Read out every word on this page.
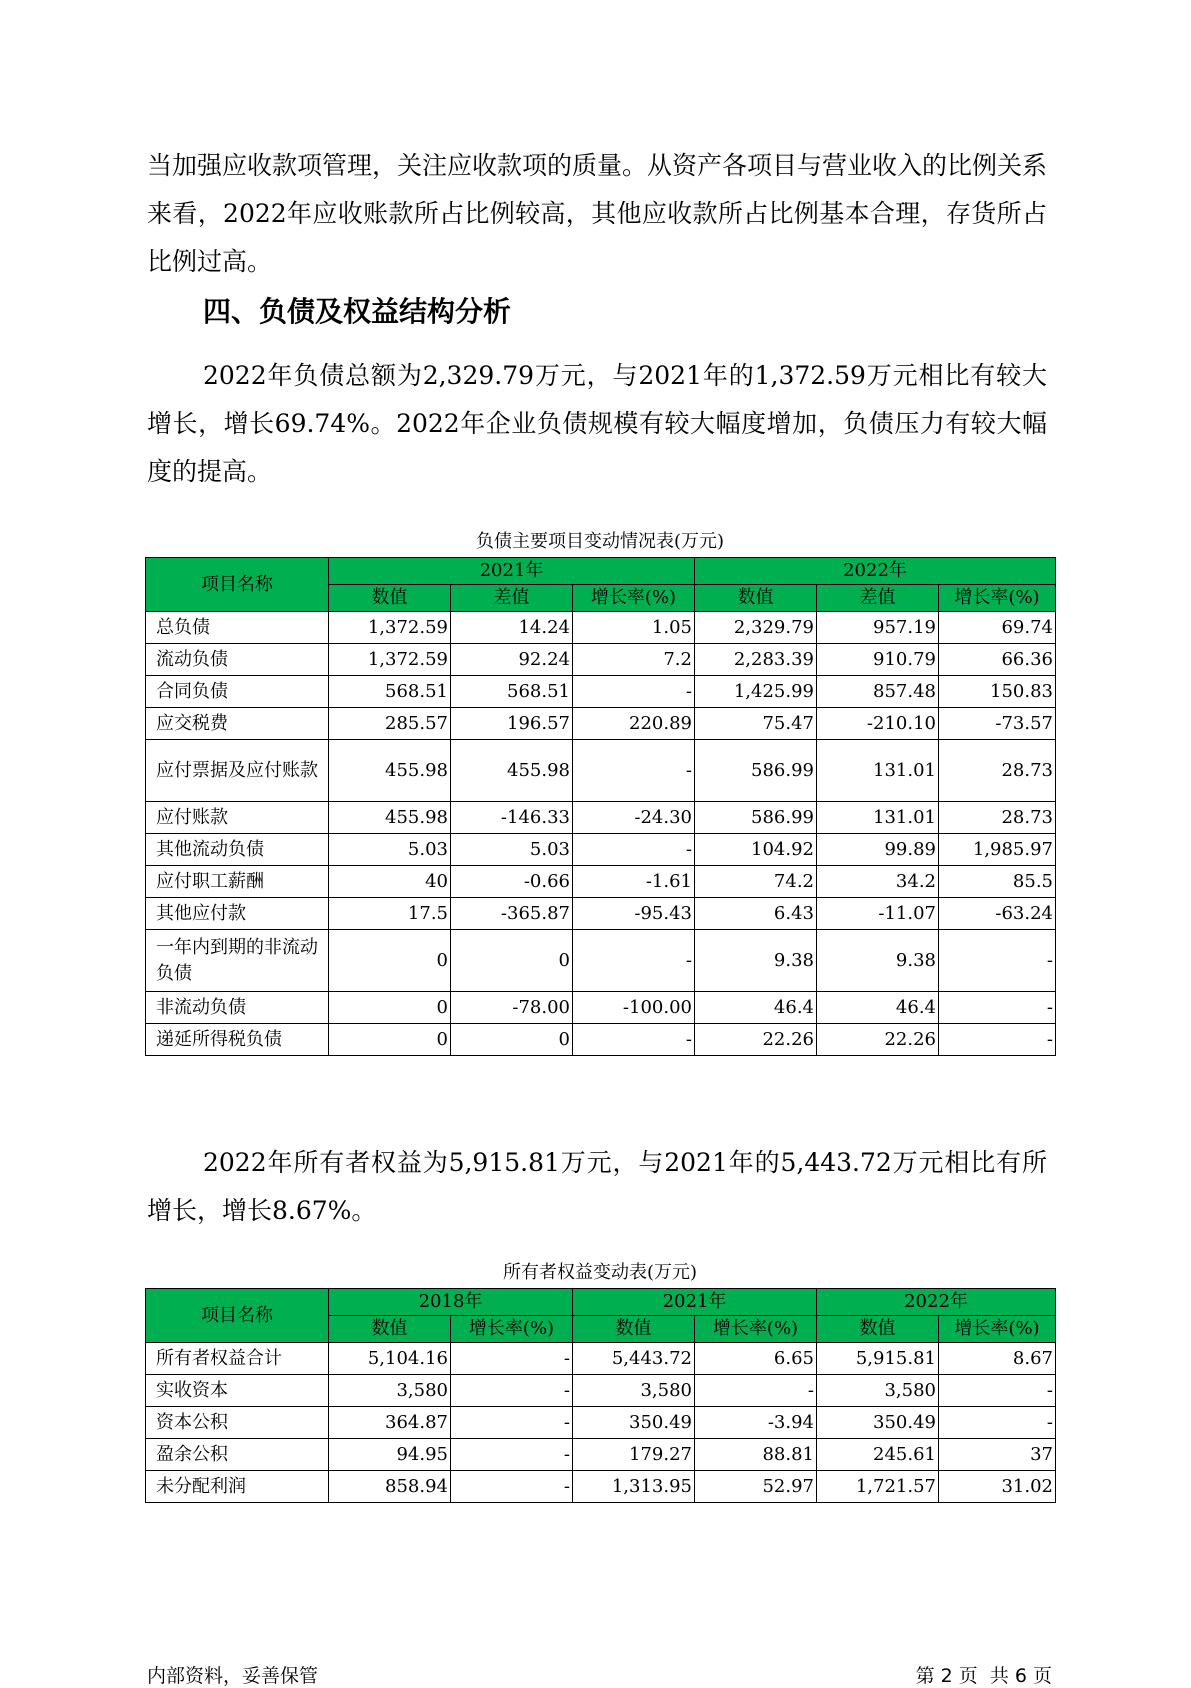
当加强应收款项管理，关注应收款项的质量。从资产各项目与营业收入的比例关系来看，2022年应收账款所占比例较高，其他应收款所占比例基本合理，存货所占比例过高。

四、负债及权益结构分析

2022年负债总额为2,329.79万元，与2021年的1,372.59万元相比有较大增长，增长69.74%。2022年企业负债规模有较大幅度增加，负债压力有较大幅度的提高。

负债主要项目变动情况表(万元)
项目名称	2021年			2022年		
	数值	差值	增长率(%)	数值	差值	增长率(%)
总负债	1,372.59	14.24	1.05	2,329.79	957.19	69.74
流动负债	1,372.59	92.24	7.2	2,283.39	910.79	66.36
合同负债	568.51	568.51	-	1,425.99	857.48	150.83
应交税费	285.57	196.57	220.89	75.47	-210.10	-73.57
应付票据及应付账款	455.98	455.98	-	586.99	131.01	28.73
应付账款	455.98	-146.33	-24.30	586.99	131.01	28.73
其他流动负债	5.03	5.03	-	104.92	99.89	1,985.97
应付职工薪酬	40	-0.66	-1.61	74.2	34.2	85.5
其他应付款	17.5	-365.87	-95.43	6.43	-11.07	-63.24
一年内到期的非流动负债	0	0	-	9.38	9.38	-
非流动负债	0	-78.00	-100.00	46.4	46.4	-
递延所得税负债	0	0	-	22.26	22.26	-

2022年所有者权益为5,915.81万元，与2021年的5,443.72万元相比有所增长，增长8.67%。

所有者权益变动表(万元)
项目名称	2018年		2021年		2022年	
	数值	增长率(%)	数值	增长率(%)	数值	增长率(%)
所有者权益合计	5,104.16	-	5,443.72	6.65	5,915.81	8.67
实收资本	3,580	-	3,580	-	3,580	-
资本公积	364.87	-	350.49	-3.94	350.49	-
盈余公积	94.95	-	179.27	88.81	245.61	37
未分配利润	858.94	-	1,313.95	52.97	1,721.57	31.02
内部资料，妥善保管	第 2 页  共 6 页
